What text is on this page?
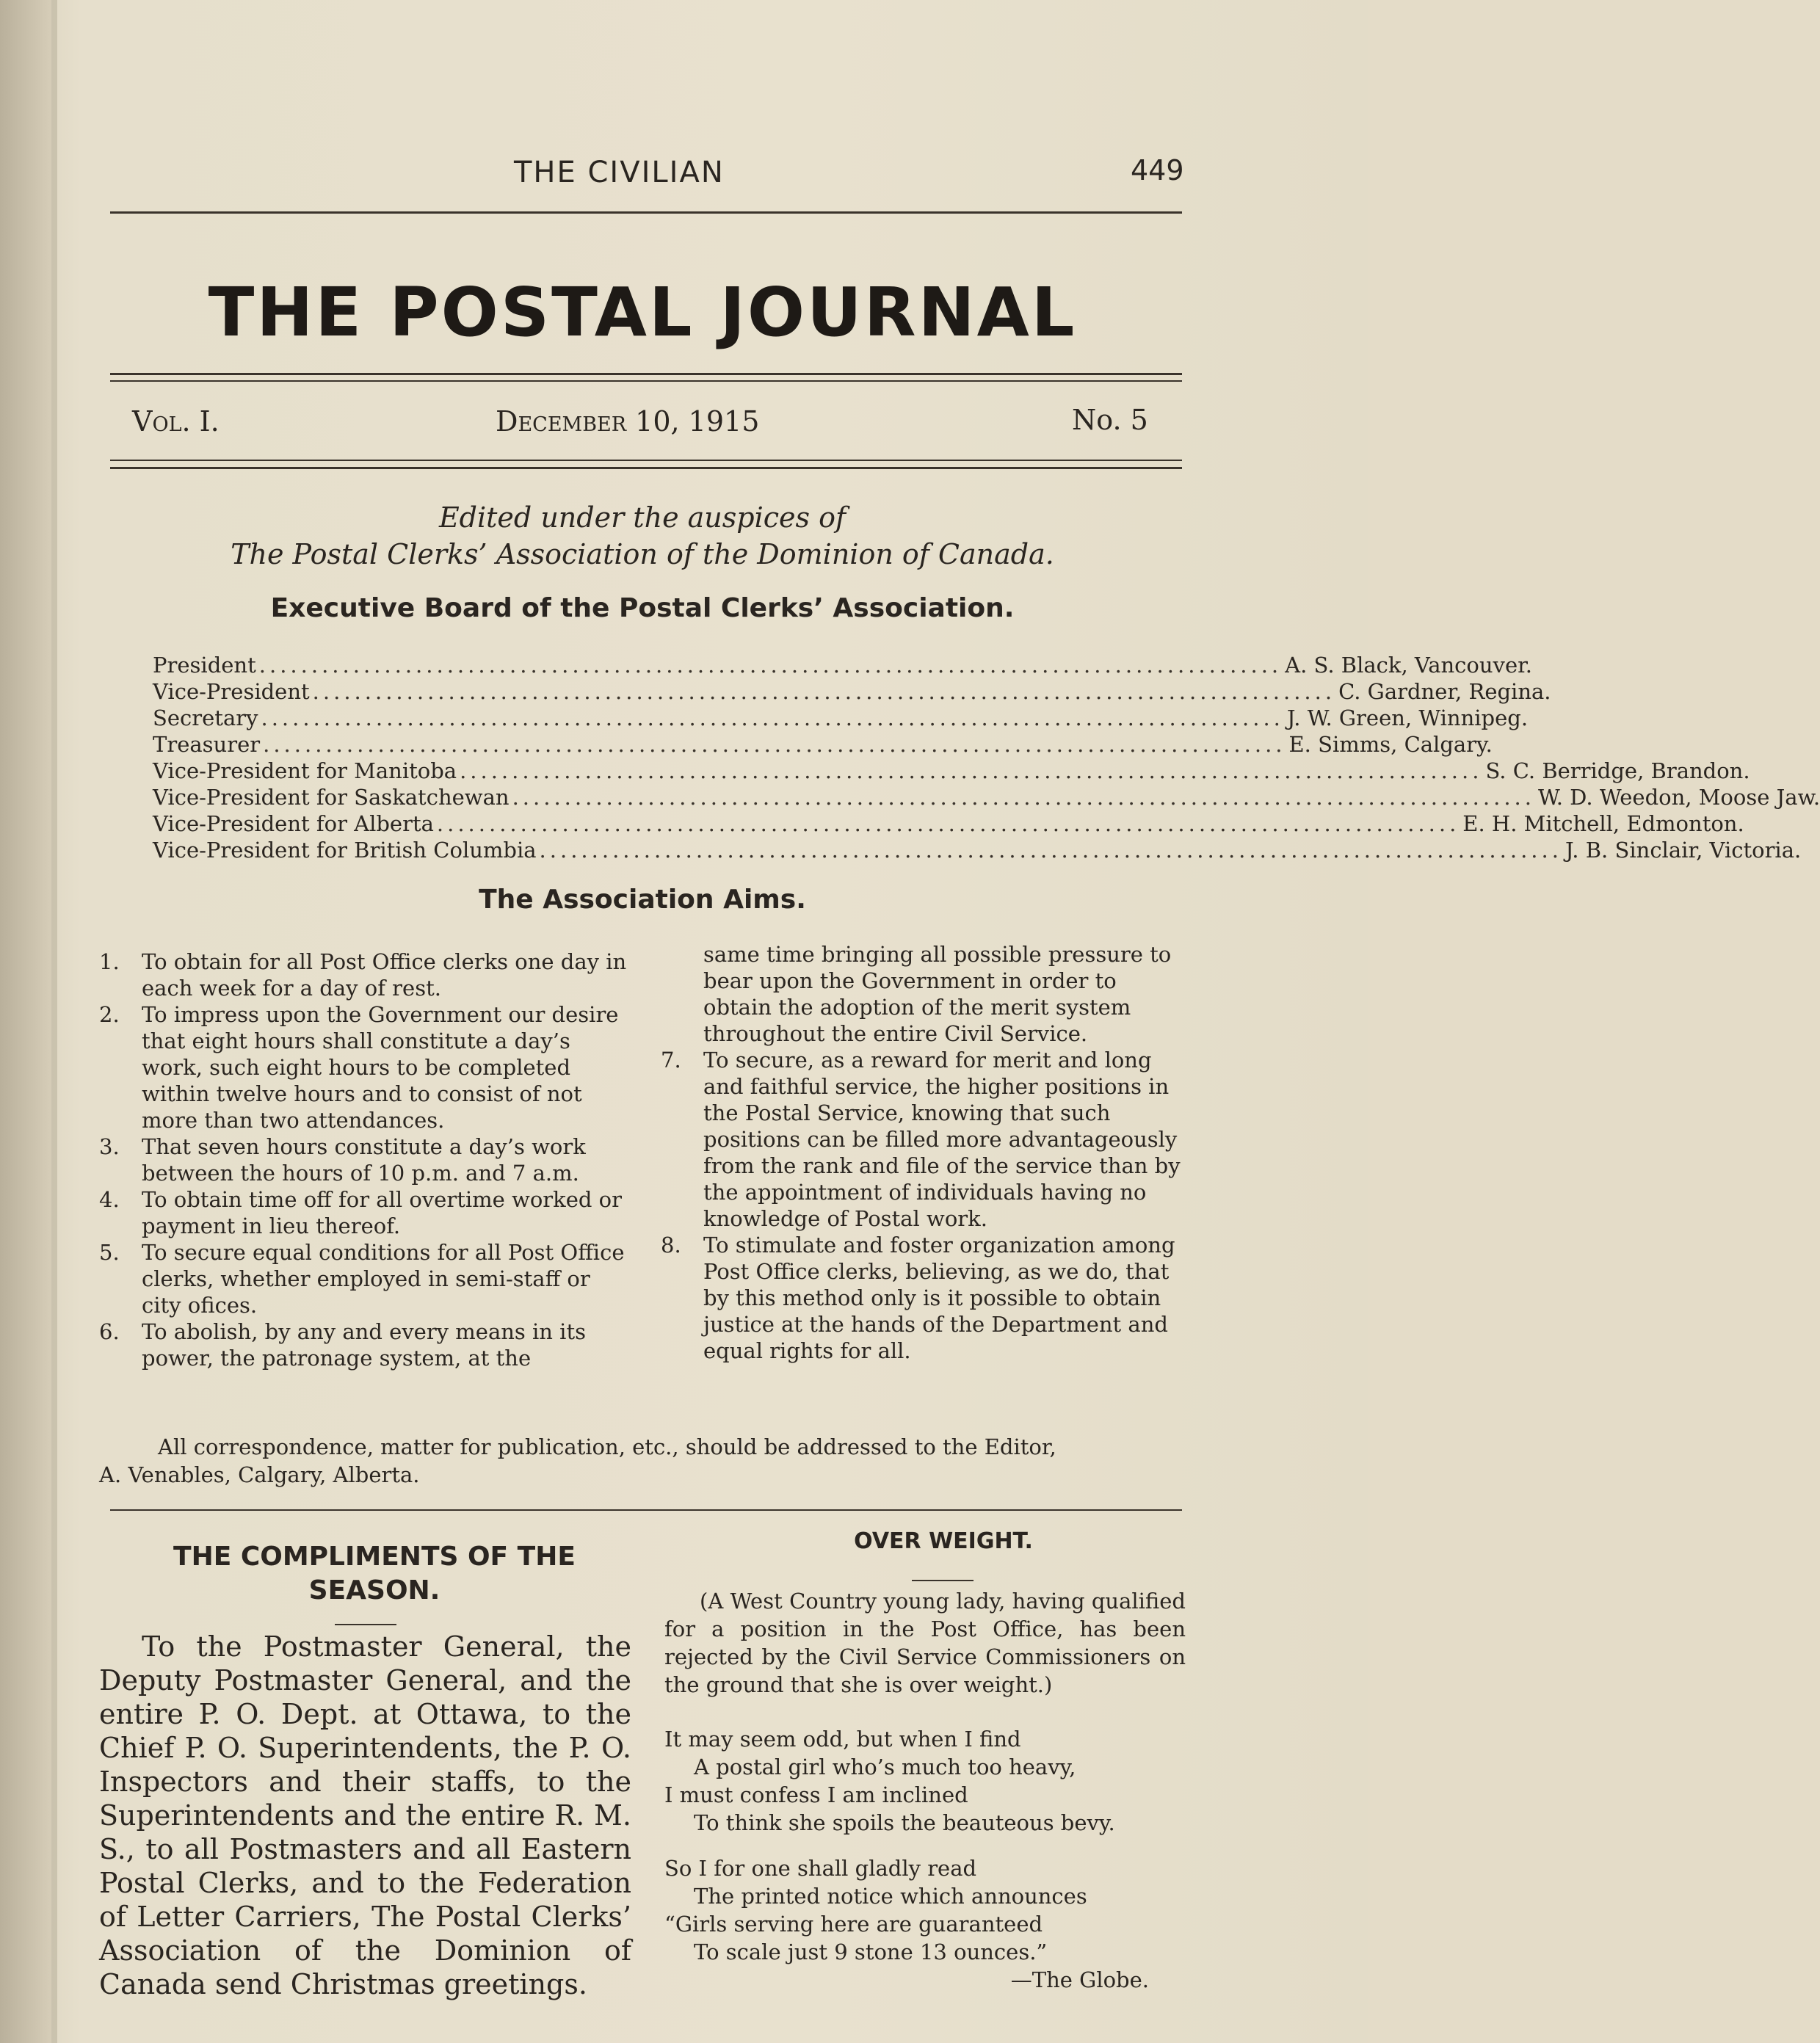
THE CIVILIAN	449
THE POSTAL JOURNAL
Vol. I.	December 10, 1915	No. 5
Edited under the auspices of
The Postal Clerks’ Association of the Dominion of Canada.
Executive Board of the Postal Clerks’ Association.
President .................................................................................................. A. S. Black, Vancouver.
Vice-President .................................................................................................. C. Gardner, Regina.
Secretary .................................................................................................. J. W. Green, Winnipeg.
Treasurer .................................................................................................. E. Simms, Calgary.
Vice-President for Manitoba .................................................................................................. S. C. Berridge, Brandon.
Vice-President for Saskatchewan .................................................................................................. W. D. Weedon, Moose Jaw.
Vice-President for Alberta .................................................................................................. E. H. Mitchell, Edmonton.
Vice-President for British Columbia .................................................................................................. J. B. Sinclair, Victoria.
The Association Aims.
1.	To obtain for all Post Office clerks one day in each week for a day of rest.
2.	To impress upon the Government our desire that eight hours shall constitute a day’s work, such eight hours to be completed within twelve hours and to consist of not more than two attendances.
3.	That seven hours constitute a day’s work between the hours of 10 p.m. and 7 a.m.
4.	To obtain time off for all overtime worked or payment in lieu thereof.
5.	To secure equal conditions for all Post Office clerks, whether employed in semi-staff or city ofices.
6.	To abolish, by any and every means in its power, the patronage system, at the
same time bringing all possible pressure to bear upon the Government in order to obtain the adoption of the merit system throughout the entire Civil Service.
7.	To secure, as a reward for merit and long and faithful service, the higher positions in the Postal Service, knowing that such positions can be filled more advantageously from the rank and file of the service than by the appointment of individuals having no knowledge of Postal work.
8.	To stimulate and foster organization among Post Office clerks, believing, as we do, that by this method only is it possible to obtain justice at the hands of the Department and equal rights for all.
All correspondence, matter for publication, etc., should be addressed to the Editor,
A. Venables, Calgary, Alberta.
THE COMPLIMENTS OF THE SEASON.

To the Postmaster General, the Deputy Postmaster General, and the entire P. O. Dept. at Ottawa, to the Chief P. O. Superintendents, the P. O. Inspectors and their staffs, to the Superintendents and the entire R. M. S., to all Postmasters and all Eastern Postal Clerks, and to the Federation of Letter Carriers, The Postal Clerks’ Association of the Dominion of Canada send Christmas greetings.

OVER WEIGHT.

(A West Country young lady, having qualified for a position in the Post Office, has been rejected by the Civil Service Commissioners on the ground that she is over weight.)

It may seem odd, but when I find
A postal girl who’s much too heavy,
I must confess I am inclined
To think she spoils the beauteous bevy.
So I for one shall gladly read
The printed notice which announces
“Girls serving here are guaranteed
To scale just 9 stone 13 ounces.”
—The Globe.
